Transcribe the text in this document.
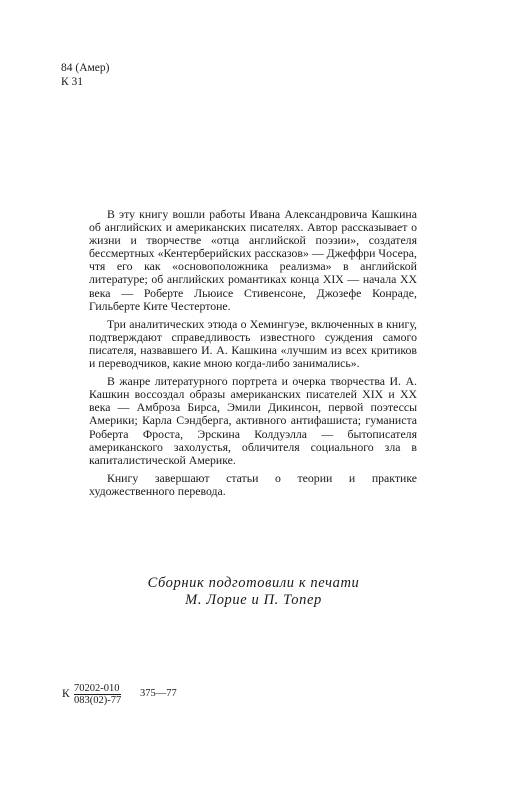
84 (Амер)
К 31

В эту книгу вошли работы Ивана Александровича Кашкина об английских и американских писателях. Автор рассказывает о жизни и творчестве «отца английской поэзии», создателя бессмертных «Кентерберийских рассказов» — Джеффри Чосера, чтя его как «основоположника реализма» в английской литературе; об английских романтиках конца XIX — начала XX века — Роберте Льюисе Стивенсоне, Джозефе Конраде, Гильберте Ките Честертоне.

Три аналитических этюда о Хемингуэе, включенных в книгу, подтверждают справедливость известного суждения самого писателя, назвавшего И. А. Кашкина «лучшим из всех критиков и переводчиков, какие мною когда-либо занимались».

В жанре литературного портрета и очерка творчества И. А. Кашкин воссоздал образы американских писателей XIX и XX века — Амброза Бирса, Эмили Дикинсон, первой поэтессы Америки; Карла Сэндберга, активного антифашиста; гуманиста Роберта Фроста, Эрскина Колдуэлла — бытописателя американского захолустья, обличителя социального зла в капиталистической Америке.

Книгу завершают статьи о теории и практике художественного перевода.

Сборник подготовили к печати
М. Лорие и П. Топер
К $\frac{70202-010}{083(02)-77}$ 375—77
